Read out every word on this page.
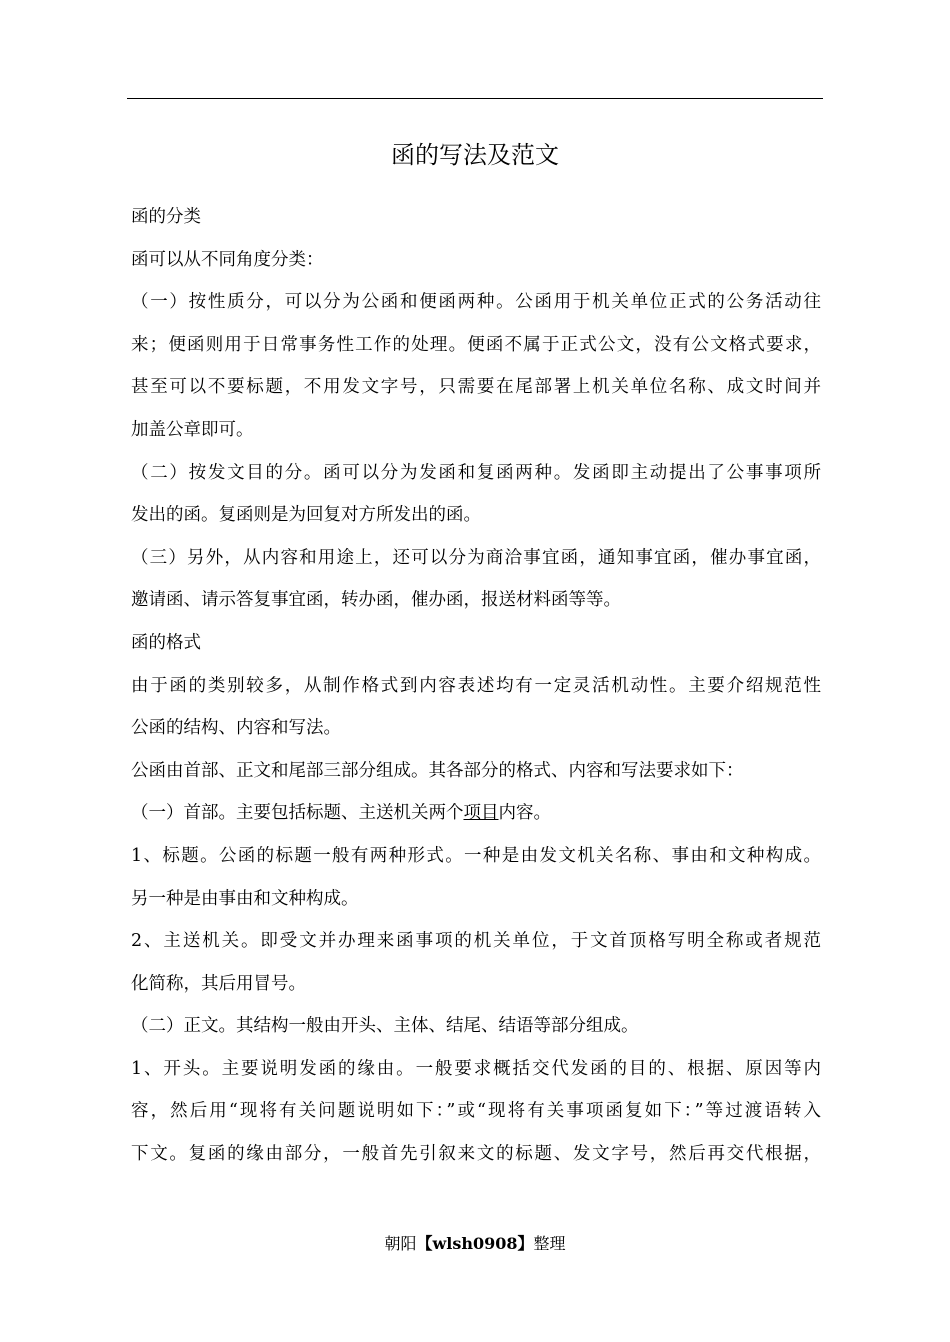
函的写法及范文
函的分类
函可以从不同角度分类：
（一）按性质分，可以分为公函和便函两种。公函用于机关单位正式的公务活动往
来；便函则用于日常事务性工作的处理。便函不属于正式公文，没有公文格式要求，
甚至可以不要标题，不用发文字号，只需要在尾部署上机关单位名称、成文时间并
加盖公章即可。
（二）按发文目的分。函可以分为发函和复函两种。发函即主动提出了公事事项所
发出的函。复函则是为回复对方所发出的函。
（三）另外，从内容和用途上，还可以分为商洽事宜函，通知事宜函，催办事宜函，
邀请函、请示答复事宜函，转办函，催办函，报送材料函等等。
函的格式
由于函的类别较多，从制作格式到内容表述均有一定灵活机动性。主要介绍规范性
公函的结构、内容和写法。
公函由首部、正文和尾部三部分组成。其各部分的格式、内容和写法要求如下：
（一）首部。主要包括标题、主送机关两个项目内容。
1、标题。公函的标题一般有两种形式。一种是由发文机关名称、事由和文种构成。
另一种是由事由和文种构成。
2、主送机关。即受文并办理来函事项的机关单位，于文首顶格写明全称或者规范
化简称，其后用冒号。
（二）正文。其结构一般由开头、主体、结尾、结语等部分组成。
1、开头。主要说明发函的缘由。一般要求概括交代发函的目的、根据、原因等内
容，然后用“现将有关问题说明如下：”或“现将有关事项函复如下：”等过渡语转入
下文。复函的缘由部分，一般首先引叙来文的标题、发文字号，然后再交代根据，
朝阳【wlsh0908】整理
